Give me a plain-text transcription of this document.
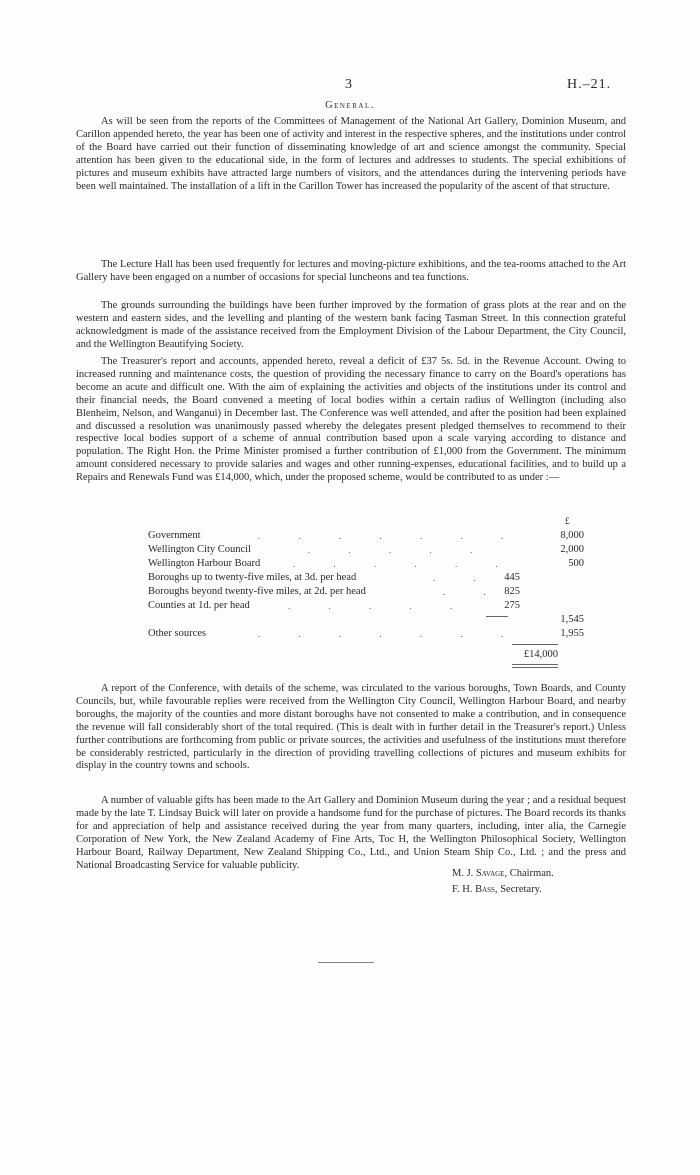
3	H.–21.
General.

As will be seen from the reports of the Committees of Management of the National Art Gallery, Dominion Museum, and Carillon appended hereto, the year has been one of activity and interest in the respective spheres, and the institutions under control of the Board have carried out their function of disseminating knowledge of art and science amongst the community. Special attention has been given to the educational side, in the form of lectures and addresses to students. The special exhibitions of pictures and museum exhibits have attracted large numbers of visitors, and the attendances during the intervening periods have been well maintained. The installation of a lift in the Carillon Tower has increased the popularity of the ascent of that structure.

The Lecture Hall has been used frequently for lectures and moving-picture exhibitions, and the tea-rooms attached to the Art Gallery have been engaged on a number of occasions for special luncheons and tea functions.

The grounds surrounding the buildings have been further improved by the formation of grass plots at the rear and on the western and eastern sides, and the levelling and planting of the western bank facing Tasman Street. In this connection grateful acknowledgment is made of the assistance received from the Employment Division of the Labour Department, the City Council, and the Wellington Beautifying Society.

The Treasurer's report and accounts, appended hereto, reveal a deficit of £37 5s. 5d. in the Revenue Account. Owing to increased running and maintenance costs, the question of providing the necessary finance to carry on the Board's operations has become an acute and difficult one. With the aim of explaining the activities and objects of the institutions under its control and their financial needs, the Board convened a meeting of local bodies within a certain radius of Wellington (including also Blenheim, Nelson, and Wanganui) in December last. The Conference was well attended, and after the position had been explained and discussed a resolution was unanimously passed whereby the delegates present pledged themselves to recommend to their respective local bodies support of a scheme of annual contribution based upon a scale varying according to distance and population. The Right Hon. the Prime Minister promised a further contribution of £1,000 from the Government. The minimum amount considered necessary to provide salaries and wages and other running-expenses, educational facilities, and to build up a Repairs and Renewals Fund was £14,000, which, under the proposed scheme, would be contributed to as under :—

£
Government	. . . . . . .	8,000
Wellington City Council	. . . . .	2,000
Wellington Harbour Board	. . . . . .	500
Boroughs up to twenty-five miles, at 3d. per head	. .	445
Boroughs beyond twenty-five miles, at 2d. per head	. . 825
Counties at 1d. per head	. . . . .	275
1,545
Other sources	. . . . . . .	1,955
£14,000

A report of the Conference, with details of the scheme, was circulated to the various boroughs, Town Boards, and County Councils, but, while favourable replies were received from the Wellington City Council, Wellington Harbour Board, and nearby boroughs, the majority of the counties and more distant boroughs have not consented to make a contribution, and in consequence the revenue will fall considerably short of the total required. (This is dealt with in further detail in the Treasurer's report.) Unless further contributions are forthcoming from public or private sources, the activities and usefulness of the institutions must therefore be considerably restricted, particularly in the direction of providing travelling collections of pictures and museum exhibits for display in the country towns and schools.

A number of valuable gifts has been made to the Art Gallery and Dominion Museum during the year ; and a residual bequest made by the late T. Lindsay Buick will later on provide a handsome fund for the purchase of pictures. The Board records its thanks for and appreciation of help and assistance received during the year from many quarters, including, inter alia, the Carnegie Corporation of New York, the New Zealand Academy of Fine Arts, Toc H, the Wellington Philosophical Society, Wellington Harbour Board, Railway Department, New Zealand Shipping Co., Ltd., and Union Steam Ship Co., Ltd. ; and the press and National Broadcasting Service for valuable publicity.

M. J. Savage, Chairman.
F. H. Bass, Secretary.
